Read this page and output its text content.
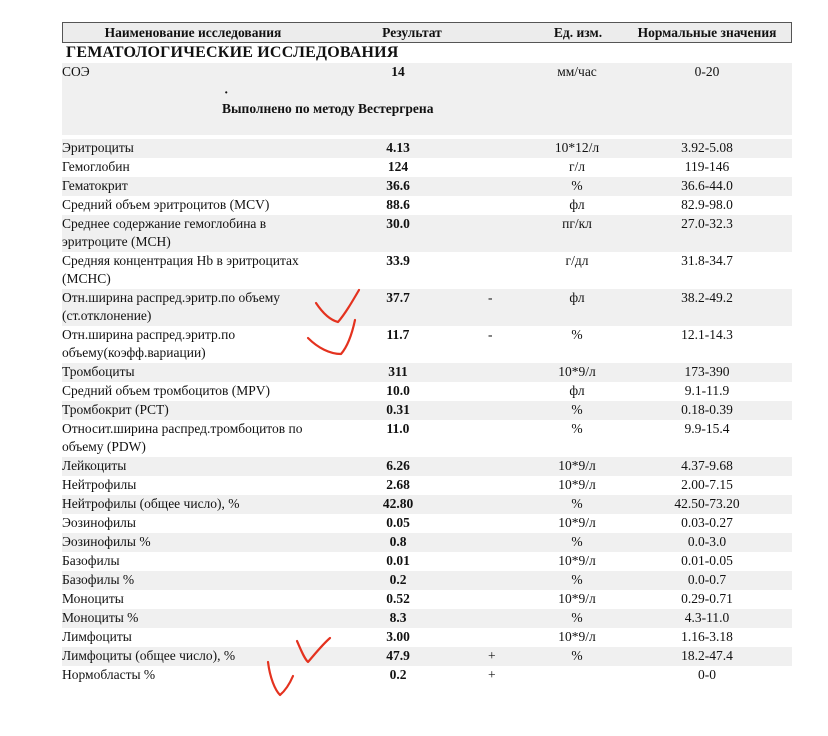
Наименование исследования	Результат	Ед. изм.	Нормальные значения
ГЕМАТОЛОГИЧЕСКИЕ ИССЛЕДОВАНИЯ
СОЭ	14	мм/час	0-20
·
Выполнено по методу Вестергрена
Эритроциты	4.13	10*12/л	3.92-5.08
Гемоглобин	124	г/л	119-146
Гематокрит	36.6	%	36.6-44.0
Средний объем эритроцитов (MCV)	88.6	фл	82.9-98.0
Среднее содержание гемоглобина в эритроците (MCH)
30.0	пг/кл	27.0-32.3
Средняя концентрация Hb в эритроцитах (MCHC)
33.9	г/дл	31.8-34.7
Отн.ширина распред.эритр.по объему (ст.отклонение)
37.7	-	фл	38.2-49.2
Отн.ширина распред.эритр.по объему(коэфф.вариации)
11.7	-	%	12.1-14.3
Тромбоциты	311	10*9/л	173-390
Средний объем тромбоцитов (MPV)	10.0	фл	9.1-11.9
Тромбокрит (PCT)	0.31	%	0.18-0.39
Относит.ширина распред.тромбоцитов по объему (PDW)
11.0	%	9.9-15.4
Лейкоциты	6.26	10*9/л	4.37-9.68
Нейтрофилы	2.68	10*9/л	2.00-7.15
Нейтрофилы (общее число), %	42.80	%	42.50-73.20
Эозинофилы	0.05	10*9/л	0.03-0.27
Эозинофилы %	0.8	%	0.0-3.0
Базофилы	0.01	10*9/л	0.01-0.05
Базофилы %	0.2	%	0.0-0.7
Моноциты	0.52	10*9/л	0.29-0.71
Моноциты %	8.3	%	4.3-11.0
Лимфоциты	3.00	10*9/л	1.16-3.18
Лимфоциты (общее число), %	47.9	+	%	18.2-47.4
Нормобласты %	0.2	+	0-0
